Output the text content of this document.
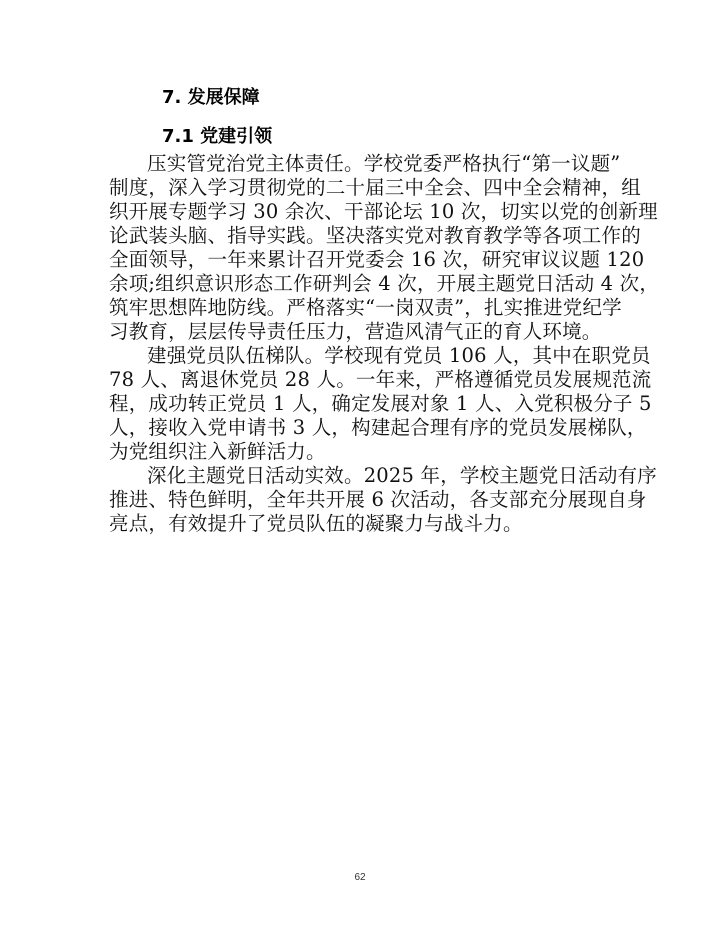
7. 发展保障
7.1 党建引领
压实管党治党主体责任。学校党委严格执行“第一议题”
制度，深入学习贯彻党的二十届三中全会、四中全会精神，组
织开展专题学习 30 余次、干部论坛 10 次，切实以党的创新理
论武装头脑、指导实践。坚决落实党对教育教学等各项工作的
全面领导，一年来累计召开党委会 16 次，研究审议议题 120
余项;组织意识形态工作研判会 4 次，开展主题党日活动 4 次，
筑牢思想阵地防线。严格落实“一岗双责”，扎实推进党纪学
习教育，层层传导责任压力，营造风清气正的育人环境。
建强党员队伍梯队。学校现有党员 106 人，其中在职党员
78 人、离退休党员 28 人。一年来，严格遵循党员发展规范流
程，成功转正党员 1 人，确定发展对象 1 人、入党积极分子 5
人，接收入党申请书 3 人，构建起合理有序的党员发展梯队，
为党组织注入新鲜活力。
深化主题党日活动实效。2025 年，学校主题党日活动有序
推进、特色鲜明，全年共开展 6 次活动，各支部充分展现自身
亮点，有效提升了党员队伍的凝聚力与战斗力。
62
